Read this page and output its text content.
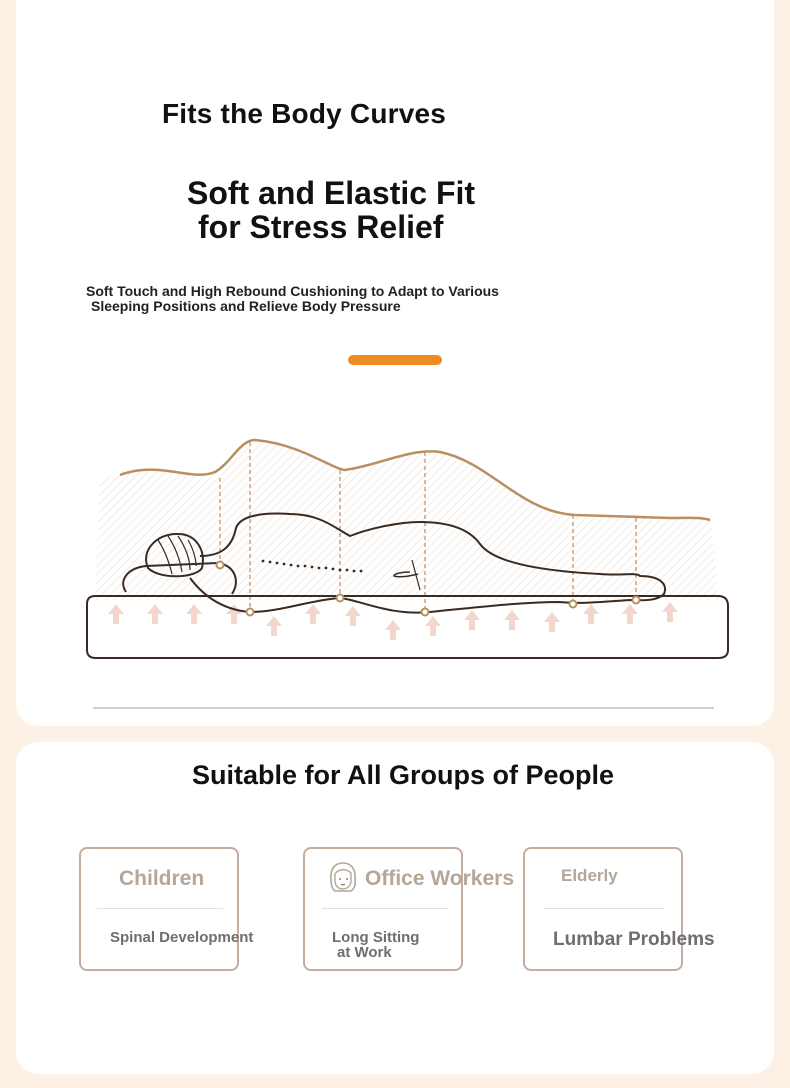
Fits the Body Curves
Soft and Elastic Fit
for Stress Relief

Soft Touch and High Rebound Cushioning to Adapt to Various
Sleeping Positions and Relieve Body Pressure

Suitable for All Groups of People

Children

Spinal Development

Office Workers

Long Sitting
at Work

Elderly

Lumbar Problems
